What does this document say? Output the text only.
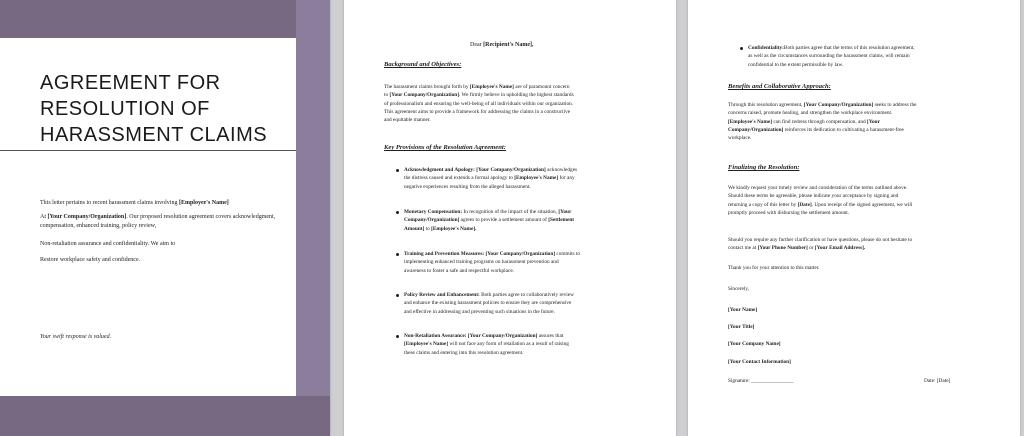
AGREEMENT FOR
RESOLUTION OF
HARASSMENT CLAIMS
This letter pertains to recent harassment claims involving [Employee's Name]
At [Your Company/Organization]. Our proposed resolution agreement covers acknowledgment, compensation, enhanced training, policy review,
Non-retaliation assurance and confidentiality. We aim to
Restore workplace safety and confidence.
Your swift response is valued.
Dear [Recipient's Name],
Background and Objectives:
The harassment claims brought forth by [Employee's Name] are of paramount concern
to [Your Company/Organization]. We firmly believe in upholding the highest standards
of professionalism and ensuring the well-being of all individuals within our organization.
This agreement aims to provide a framework for addressing the claims in a constructive
and equitable manner.
Key Provisions of the Resolution Agreement:
Acknowledgment and Apology: [Your Company/Organization] acknowledges
the distress caused and extends a formal apology to [Employee's Name] for any
negative experiences resulting from the alleged harassment.
Monetary Compensation: In recognition of the impact of the situation, [Your
Company/Organization] agrees to provide a settlement amount of [Settlement
Amount] to [Employee's Name].
Training and Prevention Measures: [Your Company/Organization] commits to
implementing enhanced training programs on harassment prevention and
awareness to foster a safe and respectful workplace.
Policy Review and Enhancement: Both parties agree to collaboratively review
and enhance the existing harassment policies to ensure they are comprehensive
and effective in addressing and preventing such situations in the future.
Non-Retaliation Assurance: [Your Company/Organization] assures that
[Employee's Name] will not face any form of retaliation as a result of raising
these claims and entering into this resolution agreement.
Confidentiality:Both parties agree that the terms of this resolution agreement,
as well as the circumstances surrounding the harassment claims, will remain
confidential to the extent permissible by law.
Benefits and Collaborative Approach:
Through this resolution agreement, [Your Company/Organization] seeks to address the
concerns raised, promote healing, and strengthen the workplace environment.
[Employee's Name] can find redress through compensation, and [Your
Company/Organization] reinforces its dedication to cultivating a harassment-free
workplace.
Finalizing the Resolution:
We kindly request your timely review and consideration of the terms outlined above.
Should these terms be agreeable, please indicate your acceptance by signing and
returning a copy of this letter by [Date]. Upon receipt of the signed agreement, we will
promptly proceed with disbursing the settlement amount.
Should you require any further clarification or have questions, please do not hesitate to
contact me at [Your Phone Number] or [Your Email Address].
Thank you for your attention to this matter.
Sincerely,
[Your Name]
[Your Title]
[Your Company Name]
[Your Contact Information]
Signature: ________________	Date: [Date]
